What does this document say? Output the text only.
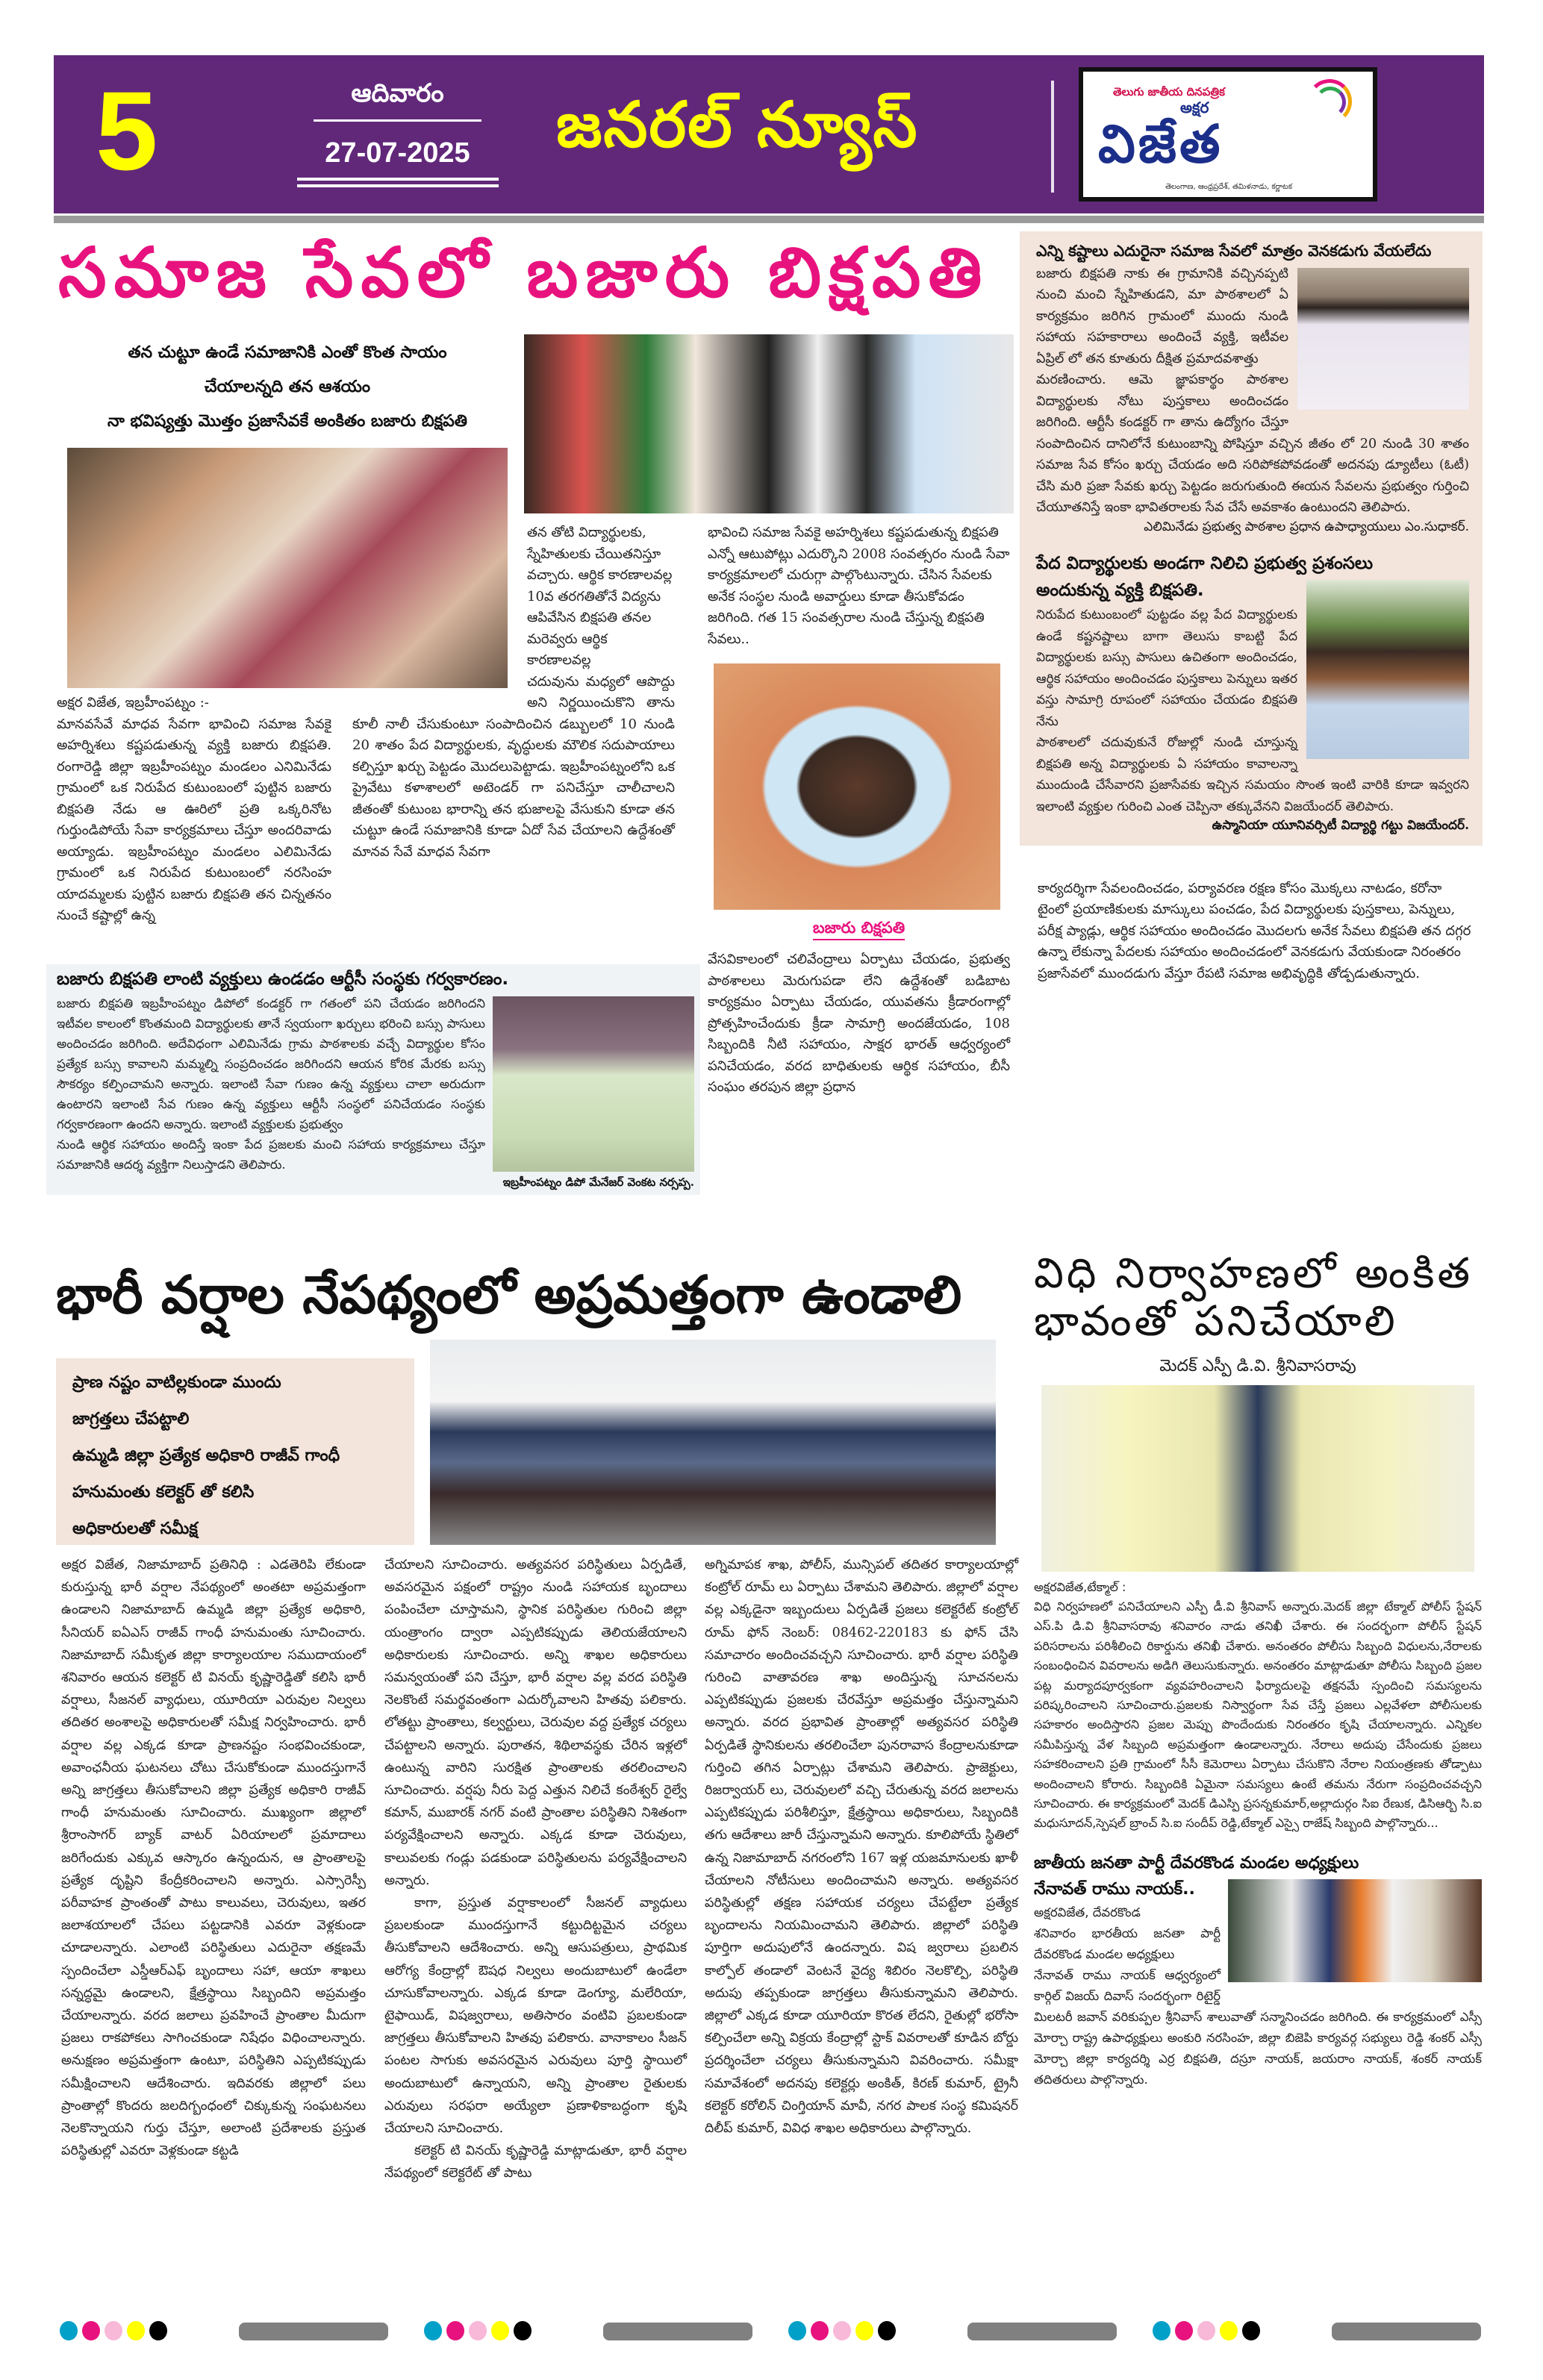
5	ఆదివారం
27-07-2025	జనరల్ న్యూస్	తెలుగు జాతీయ దినపత్రిక
అక్షర
విజేత
తెలంగాణ, ఆంధ్రప్రదేశ్, తమిళనాడు, కర్ణాటక
సమాజ సేవలో బజారు బిక్షపతి
తన చుట్టూ ఉండే సమాజానికి ఎంతో కొంత సాయం
చేయాలన్నది తన ఆశయం
నా భవిష్యత్తు మొత్తం ప్రజాసేవకే అంకితం బజారు బిక్షపతి

అక్షర విజేత, ఇబ్రహీంపట్నం :-

మానవసేవే మాధవ సేవగా భావించి సమాజ సేవకై అహర్నిశలు కష్టపడుతున్న వ్యక్తి బజారు బిక్షపతి. రంగారెడ్డి జిల్లా ఇబ్రహీంపట్నం మండలం ఎనిమినేడు గ్రామంలో ఒక నిరుపేద కుటుంబంలో పుట్టిన బజారు బిక్షపతి నేడు ఆ ఊరిలో ప్రతి ఒక్కరినోట గుర్తుండిపోయే సేవా కార్యక్రమాలు చేస్తూ అందరివాడు అయ్యాడు. ఇబ్రహీంపట్నం మండలం ఎలిమినేడు గ్రామంలో ఒక నిరుపేద కుటుంబంలో నరసింహ యాదమ్మలకు పుట్టిన బజారు బిక్షపతి తన చిన్నతనం నుంచే కష్టాల్లో ఉన్న

తన తోటి విద్యార్థులకు, స్నేహితులకు చేయితనిస్తూ వచ్చారు. ఆర్థిక కారణాలవల్ల 10వ తరగతితోనే విద్యను ఆపివేసిన బిక్షపతి తనల మరెవ్వరు ఆర్థిక కారణాలవల్ల

చదువును మధ్యలో ఆపొద్దు అని నిర్ణయించుకొని తాను కూలీ నాలీ చేసుకుంటూ సంపాదించిన డబ్బులలో 10 నుండి 20 శాతం పేద విద్యార్థులకు, వృద్ధులకు మౌలిక సదుపాయాలు కల్పిస్తూ ఖర్చు పెట్టడం మొదలుపెట్టాడు. ఇబ్రహీంపట్నంలోని ఒక ప్రైవేటు కళాశాలలో అటెండర్ గా పనిచేస్తూ చాలీచాలని జీతంతో కుటుంబ భారాన్ని తన భుజాలపై వేసుకుని కూడా తన చుట్టూ ఉండే సమాజానికి కూడా ఏదో సేవ చేయాలని ఉద్దేశంతో మానవ సేవే మాధవ సేవగా

భావించి సమాజ సేవకై అహర్నిశలు కష్టపడుతున్న బిక్షపతి ఎన్నో ఆటుపోట్లు ఎదుర్కొని 2008 సంవత్సరం నుండి సేవా కార్యక్రమాలలో చురుగ్గా పాల్గొంటున్నారు. చేసిన సేవలకు అనేక సంస్థల నుండి అవార్డులు కూడా తీసుకోవడం జరిగింది. గత 15 సంవత్సరాల నుండి చేస్తున్న బిక్షపతి సేవలు..

బజారు బిక్షపతి

వేసవికాలంలో చలివేంద్రాలు ఏర్పాటు చేయడం, ప్రభుత్వ పాఠశాలలు మెరుగుపడా లేని ఉద్దేశంతో బడిబాట కార్యక్రమం ఏర్పాటు చేయడం, యువతను క్రీడారంగాల్లో ప్రోత్సహించేందుకు క్రీడా సామాగ్రి అందజేయడం, 108 సిబ్బందికి నీటి సహాయం, సాక్షర భారత్ ఆధ్వర్యంలో పనిచేయడం, వరద బాధితులకు ఆర్థిక సహాయం, బీసీ సంఘం తరపున జిల్లా ప్రధాన

బజారు బిక్షపతి లాంటి వ్యక్తులు ఉండడం ఆర్టీసీ సంస్థకు గర్వకారణం.

బజారు బిక్షపతి ఇబ్రహీంపట్నం డిపోలో కండక్టర్ గా గతంలో పని చేయడం జరిగిందని ఇటీవల కాలంలో కొంతమంది విద్యార్థులకు తానే స్వయంగా ఖర్చులు భరించి బస్సు పాసులు అందించడం జరిగింది. అదేవిధంగా ఎలిమినేడు గ్రామ పాఠశాలకు వచ్చే విద్యార్థుల కోసం ప్రత్యేక బస్సు కావాలని మమ్మల్ని సంప్రదించడం జరిగిందని ఆయన కోరిక మేరకు బస్సు సౌకర్యం కల్పించామని అన్నారు. ఇలాంటి సేవా గుణం ఉన్న వ్యక్తులు చాలా అరుదుగా ఉంటారని ఇలాంటి సేవ గుణం ఉన్న వ్యక్తులు ఆర్టీసీ సంస్థలో పనిచేయడం సంస్థకు గర్వకారణంగా ఉందని అన్నారు. ఇలాంటి వ్యక్తులకు ప్రభుత్వం

నుండి ఆర్థిక సహాయం అందిస్తే ఇంకా పేద ప్రజలకు మంచి సహాయ కార్యక్రమాలు చేస్తూ సమాజానికి ఆదర్శ వ్యక్తిగా నిలుస్తాడని తెలిపారు.

ఇబ్రహీంపట్నం డిపో మేనేజర్ వెంకట నర్సప్ప.

ఎన్ని కష్టాలు ఎదురైనా సమాజ సేవలో మాత్రం వెనకడుగు వేయలేదు

బజారు బిక్షపతి నాకు ఈ గ్రామానికి వచ్చినప్పటి నుంచి మంచి స్నేహితుడని, మా పాఠశాలలో ఏ కార్యక్రమం జరిగిన గ్రామంలో ముందు నుండి సహాయ సహకారాలు అందించే వ్యక్తి, ఇటీవల ఏప్రిల్ లో తన కూతురు దీక్షిత ప్రమాదవశాత్తు

మరణించారు. ఆమె జ్ఞాపకార్థం పాఠశాల విద్యార్థులకు నోటు పుస్తకాలు అందించడం జరిగింది. ఆర్టీసీ కండక్టర్ గా తాను ఉద్యోగం చేస్తూ సంపాదించిన దానిలోనే కుటుంబాన్ని పోషిస్తూ వచ్చిన జీతం లో 20 నుండి 30 శాతం సమాజ సేవ కోసం ఖర్చు చేయడం అది సరిపోకపోవడంతో అదనపు డ్యూటీలు (ఓటీ) చేసి మరి ప్రజా సేవకు ఖర్చు పెట్టడం జరుగుతుంది ఈయన సేవలను ప్రభుత్వం గుర్తించి చేయూతనిస్తే ఇంకా భావితరాలకు సేవ చేసే అవకాశం ఉంటుందని తెలిపారు.

ఎలిమినేడు ప్రభుత్వ పాఠశాల ప్రధాన ఉపాధ్యాయులు ఎం.సుధాకర్.

పేద విద్యార్థులకు అండగా నిలిచి ప్రభుత్వ ప్రశంసలు

అందుకున్న వ్యక్తి బిక్షపతి.

నిరుపేద కుటుంబంలో పుట్టడం వల్ల పేద విద్యార్థులకు ఉండే కష్టనష్టాలు బాగా తెలుసు కాబట్టి పేద విద్యార్థులకు బస్సు పాసులు ఉచితంగా అందించడం, ఆర్థిక సహాయం అందించడం పుస్తకాలు పెన్నులు ఇతర వస్తు సామాగ్రి రూపంలో సహాయం చేయడం బిక్షపతి నేను

పాఠశాలలో చదువుకునే రోజుల్లో నుండి చూస్తున్న బిక్షపతి అన్న విద్యార్థులకు ఏ సహాయం కావాలన్నా ముందుండి చేసేవారని ప్రజాసేవకు ఇచ్చిన సమయం సొంత ఇంటి వారికి కూడా ఇవ్వరని ఇలాంటి వ్యక్తుల గురించి ఎంత చెప్పినా తక్కువేనని విజయేందర్ తెలిపారు.

ఉస్మానియా యూనివర్సిటీ విద్యార్థి గట్టు విజయేందర్.

కార్యదర్శిగా సేవలందించడం, పర్యావరణ రక్షణ కోసం మొక్కలు నాటడం, కరోనా టైంలో ప్రయాణికులకు మాస్కులు పంచడం, పేద విద్యార్థులకు పుస్తకాలు, పెన్నులు, పరీక్ష ప్యాడ్లు, ఆర్థిక సహాయం అందించడం మొదలగు అనేక సేవలు బిక్షపతి తన దగ్గర ఉన్నా లేకున్నా పేదలకు సహాయం అందించడంలో వెనకడుగు వేయకుండా నిరంతరం ప్రజాసేవలో ముందడుగు వేస్తూ రేపటి సమాజ అభివృద్ధికి తోడ్పడుతున్నారు.

భారీ వర్షాల నేపథ్యంలో అప్రమత్తంగా ఉండాలి

ప్రాణ నష్టం వాటిల్లకుండా ముందు

జాగ్రత్తలు చేపట్టాలి

ఉమ్మడి జిల్లా ప్రత్యేక అధికారి రాజీవ్ గాంధీ

హనుమంతు కలెక్టర్ తో కలిసి

అధికారులతో సమీక్ష

అక్షర విజేత, నిజామాబాద్ ప్రతినిధి : ఎడతెరిపి లేకుండా కురుస్తున్న భారీ వర్షాల నేపథ్యంలో అంతటా అప్రమత్తంగా ఉండాలని నిజామాబాద్ ఉమ్మడి జిల్లా ప్రత్యేక అధికారి, సీనియర్ ఐఏఎస్ రాజీవ్ గాంధీ హనుమంతు సూచించారు. నిజామాబాద్ సమీకృత జిల్లా కార్యాలయాల సముదాయంలో శనివారం ఆయన కలెక్టర్ టి వినయ్ కృష్ణారెడ్డితో కలిసి భారీ వర్షాలు, సీజనల్ వ్యాధులు, యూరియా ఎరువుల నిల్వలు తదితర అంశాలపై అధికారులతో సమీక్ష నిర్వహించారు. భారీ వర్షాల వల్ల ఎక్కడ కూడా ప్రాణనష్టం సంభవించకుండా, అవాంఛనీయ ఘటనలు చోటు చేసుకోకుండా ముందస్తుగానే అన్ని జాగ్రత్తలు తీసుకోవాలని జిల్లా ప్రత్యేక అధికారి రాజీవ్ గాంధీ హనుమంతు సూచించారు. ముఖ్యంగా జిల్లాలో శ్రీరాంసాగర్ బ్యాక్ వాటర్ ఏరియాలలో ప్రమాదాలు జరిగేందుకు ఎక్కువ ఆస్కారం ఉన్నందున, ఆ ప్రాంతాలపై ప్రత్యేక దృష్టిని కేంద్రీకరించాలని అన్నారు. ఎస్సారెస్పీ పరీవాహక ప్రాంతంతో పాటు కాలువలు, చెరువులు, ఇతర జలాశయాలలో చేపలు పట్టడానికి ఎవరూ వెళ్లకుండా చూడాలన్నారు. ఎలాంటి పరిస్థితులు ఎదురైనా తక్షణమే స్పందించేలా ఎస్డీఆర్ఎఫ్ బృందాలు సహా, ఆయా శాఖలు సన్నద్ధమై ఉండాలని, క్షేత్రస్థాయి సిబ్బందిని అప్రమత్తం చేయాలన్నారు. వరద జలాలు ప్రవహించే ప్రాంతాల మీదుగా ప్రజలు రాకపోకలు సాగించకుండా నిషేధం విధించాలన్నారు. అనుక్షణం అప్రమత్తంగా ఉంటూ, పరిస్థితిని ఎప్పటికప్పుడు సమీక్షించాలని ఆదేశించారు. ఇదివరకు జిల్లాలో పలు ప్రాంతాల్లో కొందరు జలదిగ్బంధంలో చిక్కుకున్న సంఘటనలు నెలకొన్నాయని గుర్తు చేస్తూ, అలాంటి ప్రదేశాలకు ప్రస్తుత పరిస్థితుల్లో ఎవరూ వెళ్లకుండా కట్టడి

చేయాలని సూచించారు. అత్యవసర పరిస్థితులు ఏర్పడితే, అవసరమైన పక్షంలో రాష్ట్రం నుండి సహాయక బృందాలు పంపించేలా చూస్తామని, స్థానిక పరిస్థితుల గురించి జిల్లా యంత్రాంగం ద్వారా ఎప్పటికప్పుడు తెలియజేయాలని అధికారులకు సూచించారు. అన్ని శాఖల అధికారులు సమన్వయంతో పని చేస్తూ, భారీ వర్షాల వల్ల వరద పరిస్థితి నెలకొంటే సమర్థవంతంగా ఎదుర్కోవాలని హితవు పలికారు. లోతట్టు ప్రాంతాలు, కల్వర్టులు, చెరువుల వద్ద ప్రత్యేక చర్యలు చేపట్టాలని అన్నారు. పురాతన, శిథిలావస్థకు చేరిన ఇళ్లలో ఉంటున్న వారిని సురక్షిత ప్రాంతాలకు తరలించాలని సూచించారు. వర్షపు నీరు పెద్ద ఎత్తున నిలిచే కంఠేశ్వర్ రైల్వే కమాన్, ముబారక్ నగర్ వంటి ప్రాంతాల పరిస్థితిని నిశితంగా పర్యవేక్షించాలని అన్నారు. ఎక్కడ కూడా చెరువులు, కాలువలకు గండ్లు పడకుండా పరిస్థితులను పర్యవేక్షించాలని అన్నారు.

కాగా, ప్రస్తుత వర్షాకాలంలో సీజనల్ వ్యాధులు ప్రబలకుండా ముందస్తుగానే కట్టుదిట్టమైన చర్యలు తీసుకోవాలని ఆదేశించారు. అన్ని ఆసుపత్రులు, ప్రాథమిక ఆరోగ్య కేంద్రాల్లో ఔషధ నిల్వలు అందుబాటులో ఉండేలా చూసుకోవాలన్నారు. ఎక్కడ కూడా డెంగ్యూ, మలేరియా, టైఫాయిడ్, విషజ్వరాలు, అతిసారం వంటివి ప్రబలకుండా జాగ్రత్తలు తీసుకోవాలని హితవు పలికారు. వానాకాలం సీజన్ పంటల సాగుకు అవసరమైన ఎరువులు పూర్తి స్థాయిలో అందుబాటులో ఉన్నాయని, అన్ని ప్రాంతాల రైతులకు ఎరువులు సరఫరా అయ్యేలా ప్రణాళికాబద్ధంగా కృషి చేయాలని సూచించారు.

కలెక్టర్ టి వినయ్ కృష్ణారెడ్డి మాట్లాడుతూ, భారీ వర్షాల నేపథ్యంలో కలెక్టరేట్ తో పాటు

అగ్నిమాపక శాఖ, పోలీస్, మున్సిపల్ తదితర కార్యాలయాల్లో కంట్రోల్ రూమ్ లు ఏర్పాటు చేశామని తెలిపారు. జిల్లాలో వర్షాల వల్ల ఎక్కడైనా ఇబ్బందులు ఏర్పడితే ప్రజలు కలెక్టరేట్ కంట్రోల్ రూమ్ ఫోన్ నెంబర్: 08462-220183 కు ఫోన్ చేసి సమాచారం అందించవచ్చని సూచించారు. భారీ వర్షాల పరిస్థితి గురించి వాతావరణ శాఖ అందిస్తున్న సూచనలను ఎప్పటికప్పుడు ప్రజలకు చేరవేస్తూ అప్రమత్తం చేస్తున్నామని అన్నారు. వరద ప్రభావిత ప్రాంతాల్లో అత్యవసర పరిస్థితి ఏర్పడితే స్థానికులను తరలించేలా పునరావాస కేంద్రాలనుకూడా గుర్తించి తగిన ఏర్పాట్లు చేశామని తెలిపారు. ప్రాజెక్టులు, రిజర్వాయర్ లు, చెరువులలో వచ్చి చేరుతున్న వరద జలాలను ఎప్పటికప్పుడు పరిశీలిస్తూ, క్షేత్రస్థాయి అధికారులు, సిబ్బందికి తగు ఆదేశాలు జారీ చేస్తున్నామని అన్నారు. కూలిపోయే స్థితిలో ఉన్న నిజామాబాద్ నగరంలోని 167 ఇళ్ల యజమానులకు ఖాళీ చేయాలని నోటీసులు అందించామని అన్నారు. అత్యవసర పరిస్థితుల్లో తక్షణ సహాయక చర్యలు చేపట్టేలా ప్రత్యేక బృందాలను నియమించామని తెలిపారు. జిల్లాలో పరిస్థితి పూర్తిగా అదుపులోనే ఉందన్నారు. విష జ్వరాలు ప్రబలిన కాల్పోల్ తండాలో వెంటనే వైద్య శిబిరం నెలకొల్పి, పరిస్థితి అదుపు తప్పకుండా జాగ్రత్తలు తీసుకున్నామని తెలిపారు. జిల్లాలో ఎక్కడ కూడా యూరియా కొరత లేదని, రైతుల్లో భరోసా కల్పించేలా అన్ని విక్రయ కేంద్రాల్లో స్టాక్ వివరాలతో కూడిన బోర్డు ప్రదర్శించేలా చర్యలు తీసుకున్నామని వివరించారు. సమీక్షా సమావేశంలో అదనపు కలెక్టర్లు అంకిత్, కిరణ్ కుమార్, ట్రైనీ కలెక్టర్ కరోలిన్ చింగ్తియాన్ మావీ, నగర పాలక సంస్థ కమిషనర్ దిలీప్ కుమార్, వివిధ శాఖల అధికారులు పాల్గొన్నారు.

విధి నిర్వాహణలో అంకిత
భావంతో పనిచేయాలి
మెదక్ ఎస్పీ డి.వి. శ్రీనివాసరావు

అక్షరవిజేత,టేక్మాల్ :

విధి నిర్వహణలో పనిచేయాలని ఎస్పీ డీ.వి శ్రీనివాస్ అన్నారు.మెదక్ జిల్లా టేక్మాల్ పోలీస్ స్టేషన్ ఎస్.పి డి.వి శ్రీనివాసరావు శనివారం నాడు తనిఖీ చేశారు. ఈ సందర్భంగా పోలీస్ స్టేషన్ పరిసరాలను పరిశీలించి రికార్డును తనిఖీ చేశారు. అనంతరం పోలీసు సిబ్బంది విధులను,నేరాలకు సంబంధించిన వివరాలను అడిగి తెలుసుకున్నారు. అనంతరం మాట్లాడుతూ పోలీసు సిబ్బంది ప్రజల పట్ల మర్యాదపూర్వకంగా వ్యవహరించాలని ఫిర్యాదులపై తక్షనమే స్పందించి సమస్యలను పరిష్కరించాలని సూచించారు.ప్రజలకు నిస్వార్థంగా సేవ చేస్తే ప్రజలు ఎల్లవేళలా పోలీసులకు సహకారం అందిస్తారని ప్రజల మెప్పు పొందేందుకు నిరంతరం కృషి చేయాలన్నారు. ఎన్నికల సమీపిస్తున్న వేళ సిబ్బంది అప్రమత్తంగా ఉండాలన్నారు. నేరాలు అదుపు చేసేందుకు ప్రజలు సహకరించాలని ప్రతి గ్రామంలో సీసీ కెమెరాలు ఏర్పాటు చేసుకొని నేరాల నియంత్రణకు తోడ్పాటు అందించాలని కోరారు. సిబ్బందికి ఏమైనా సమస్యలు ఉంటే తమను నేరుగా సంప్రదించవచ్చని సూచించారు. ఈ కార్యక్రమంలో మెదక్ డిఎస్పి ప్రసన్నకుమార్,అల్లాదుర్గం సిఐ రేణుక, డిసిఆర్బి సి.ఐ మధుసూదన్,స్పెషల్ బ్రాంచ్ సి.ఐ సందీప్ రెడ్డి,టేక్మాల్ ఎస్సై రాజేష్ సిబ్బంది పాల్గొన్నారు...

జాతీయ జనతా పార్టీ దేవరకొండ మండల అధ్యక్షులు

నేనావత్ రాము నాయక్..

అక్షరవిజేత, దేవరకొండ

శనివారం భారతీయ జనతా పార్టీ దేవరకొండ మండల అధ్యక్షులు

నేనావత్ రాము నాయక్ ఆధ్వర్యంలో కార్గిల్ విజయ్ దివాస్ సందర్భంగా రిటైర్డ్ మిలటరీ జవాన్ వరికుప్పల శ్రీనివాస్ శాలువాతో సన్మానించడం జరిగింది. ఈ కార్యక్రమంలో ఎస్సీ మోర్చా రాష్ట్ర ఉపాధ్యక్షులు అంకురి నరసింహ, జిల్లా బిజెపి కార్యవర్గ సభ్యులు రెడ్డి శంకర్ ఎస్సీ మోర్చా జిల్లా కార్యదర్శి ఎర్ర బిక్షపతి, దస్రూ నాయక్, జయరాం నాయక్, శంకర్ నాయక్ తదితరులు పాల్గొన్నారు.
